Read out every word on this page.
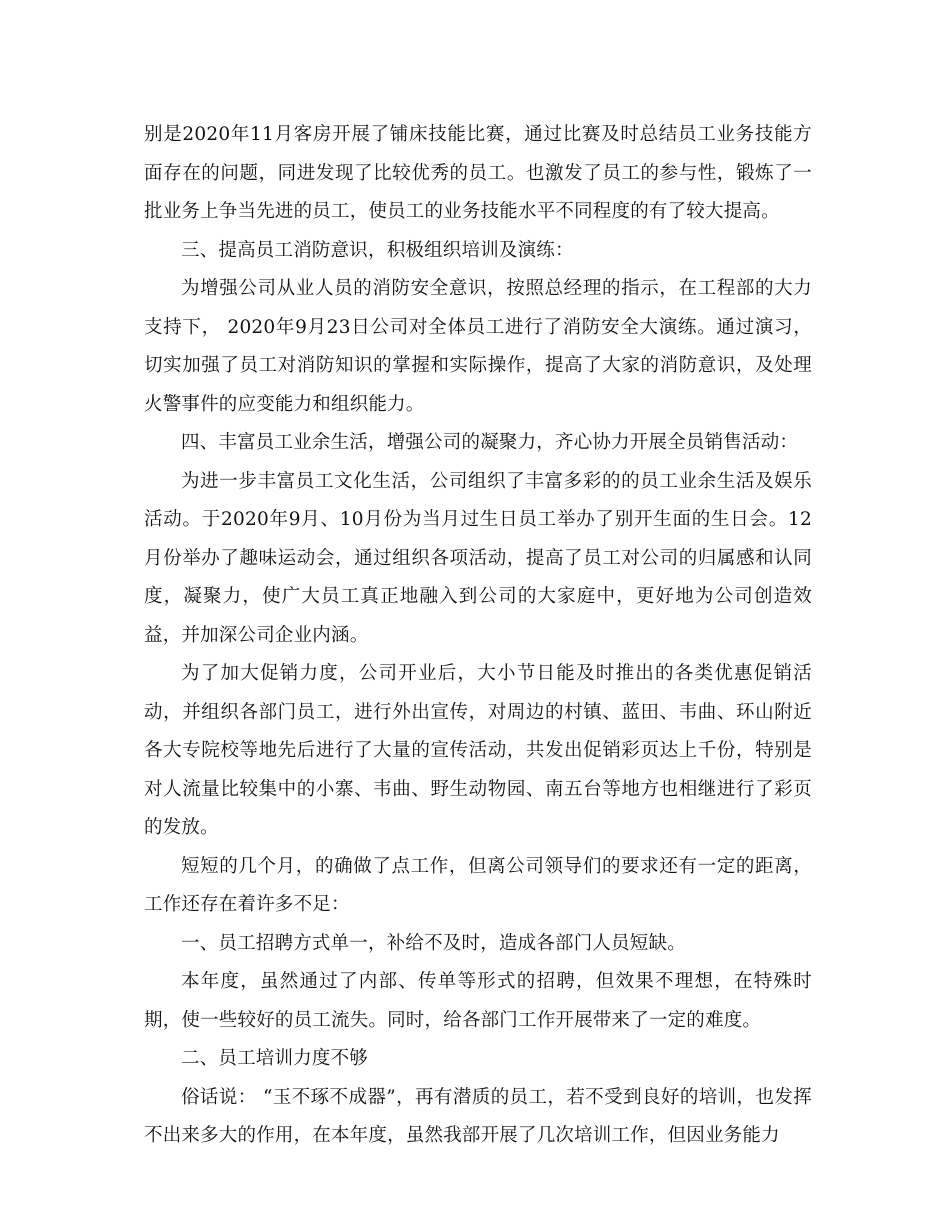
别是2020年11月客房开展了铺床技能比赛，通过比赛及时总结员工业务技能方面存在的问题，同进发现了比较优秀的员工。也激发了员工的参与性，锻炼了一批业务上争当先进的员工，使员工的业务技能水平不同程度的有了较大提高。

三、提高员工消防意识，积极组织培训及演练：

为增强公司从业人员的消防安全意识，按照总经理的指示，在工程部的大力支持下， 2020年9月23日公司对全体员工进行了消防安全大演练。通过演习，切实加强了员工对消防知识的掌握和实际操作，提高了大家的消防意识，及处理火警事件的应变能力和组织能力。

四、丰富员工业余生活，增强公司的凝聚力，齐心协力开展全员销售活动：

为进一步丰富员工文化生活，公司组织了丰富多彩的的员工业余生活及娱乐活动。于2020年9月、10月份为当月过生日员工举办了别开生面的生日会。12月份举办了趣味运动会，通过组织各项活动，提高了员工对公司的归属感和认同度，凝聚力，使广大员工真正地融入到公司的大家庭中，更好地为公司创造效益，并加深公司企业内涵。

为了加大促销力度，公司开业后，大小节日能及时推出的各类优惠促销活动，并组织各部门员工，进行外出宣传，对周边的村镇、蓝田、韦曲、环山附近各大专院校等地先后进行了大量的宣传活动，共发出促销彩页达上千份，特别是对人流量比较集中的小寨、韦曲、野生动物园、南五台等地方也相继进行了彩页的发放。

短短的几个月，的确做了点工作，但离公司领导们的要求还有一定的距离，工作还存在着许多不足：

一、员工招聘方式单一，补给不及时，造成各部门人员短缺。

本年度，虽然通过了内部、传单等形式的招聘，但效果不理想，在特殊时期，使一些较好的员工流失。同时，给各部门工作开展带来了一定的难度。

二、员工培训力度不够

俗话说： “玉不琢不成器”，再有潜质的员工，若不受到良好的培训，也发挥不出来多大的作用，在本年度，虽然我部开展了几次培训工作，但因业务能力
